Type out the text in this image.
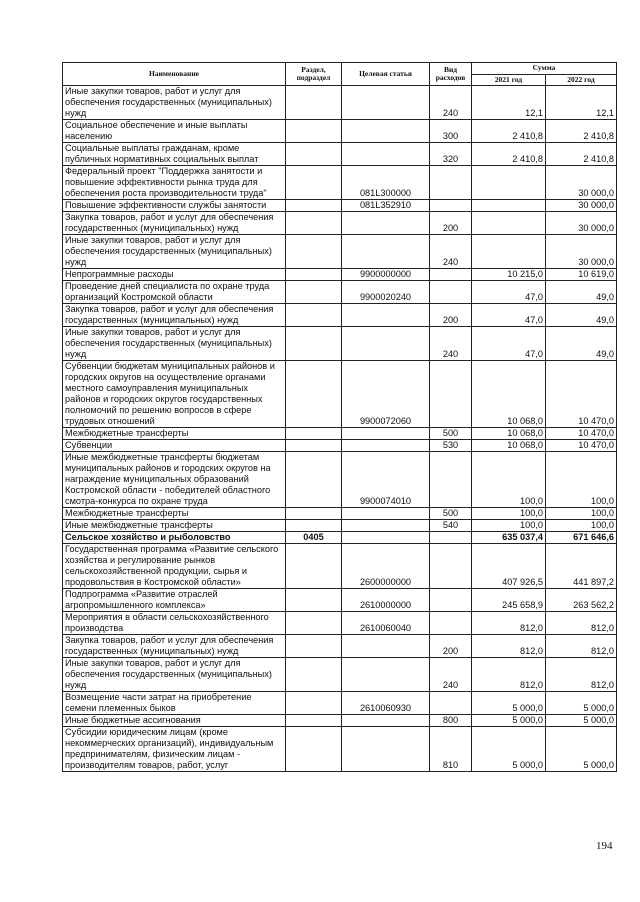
Наименование	Раздел, подраздел	Целевая статья	Вид расходов	Сумма	
				2021 год	2022 год
Иные закупки товаров, работ и услуг для обеспечения государственных (муниципальных) нужд			240	12,1	12,1
Социальное обеспечение и иные выплаты населению			300	2 410,8	2 410,8
Социальные выплаты гражданам, кроме публичных нормативных социальных выплат			320	2 410,8	2 410,8
Федеральный проект "Поддержка занятости и повышение эффективности рынка труда для обеспечения роста производительности труда"		081L300000			30 000,0
Повышение эффективности службы занятости		081L352910			30 000,0
Закупка товаров, работ и услуг для обеспечения государственных (муниципальных) нужд			200		30 000,0
Иные закупки товаров, работ и услуг для обеспечения государственных (муниципальных) нужд			240		30 000,0
Непрограммные расходы		9900000000		10 215,0	10 619,0
Проведение дней специалиста по охране труда организаций Костромской области		9900020240		47,0	49,0
Закупка товаров, работ и услуг для обеспечения государственных (муниципальных) нужд			200	47,0	49,0
Иные закупки товаров, работ и услуг для обеспечения государственных (муниципальных) нужд			240	47,0	49,0
Субвенции бюджетам муниципальных районов и городских округов на осуществление органами местного самоуправления муниципальных районов и городских округов государственных полномочий по решению вопросов в сфере трудовых отношений		9900072060		10 068,0	10 470,0
Межбюджетные трансферты			500	10 068,0	10 470,0
Субвенции			530	10 068,0	10 470,0
Иные межбюджетные трансферты бюджетам муниципальных районов и городских округов на награждение муниципальных образований Костромской области - победителей областного смотра-конкурса по охране труда		9900074010		100,0	100,0
Межбюджетные трансферты			500	100,0	100,0
Иные межбюджетные трансферты			540	100,0	100,0
Сельское хозяйство и рыболовство	0405			635 037,4	671 646,6
Государственная программа «Развитие сельского хозяйства и регулирование рынков сельскохозяйственной продукции, сырья и продовольствия в Костромской области»		2600000000		407 926,5	441 897,2
Подпрограмма «Развитие отраслей агропромышленного комплекса»		2610000000		245 658,9	263 562,2
Мероприятия в области сельскохозяйственного производства		2610060040		812,0	812,0
Закупка товаров, работ и услуг для обеспечения государственных (муниципальных) нужд			200	812,0	812,0
Иные закупки товаров, работ и услуг для обеспечения государственных (муниципальных) нужд			240	812,0	812,0
Возмещение части затрат на приобретение семени племенных быков		2610060930		5 000,0	5 000,0
Иные бюджетные ассигнования			800	5 000,0	5 000,0
Субсидии юридическим лицам (кроме некоммерческих организаций), индивидуальным предпринимателям, физическим лицам - производителям товаров, работ, услуг			810	5 000,0	5 000,0
194
